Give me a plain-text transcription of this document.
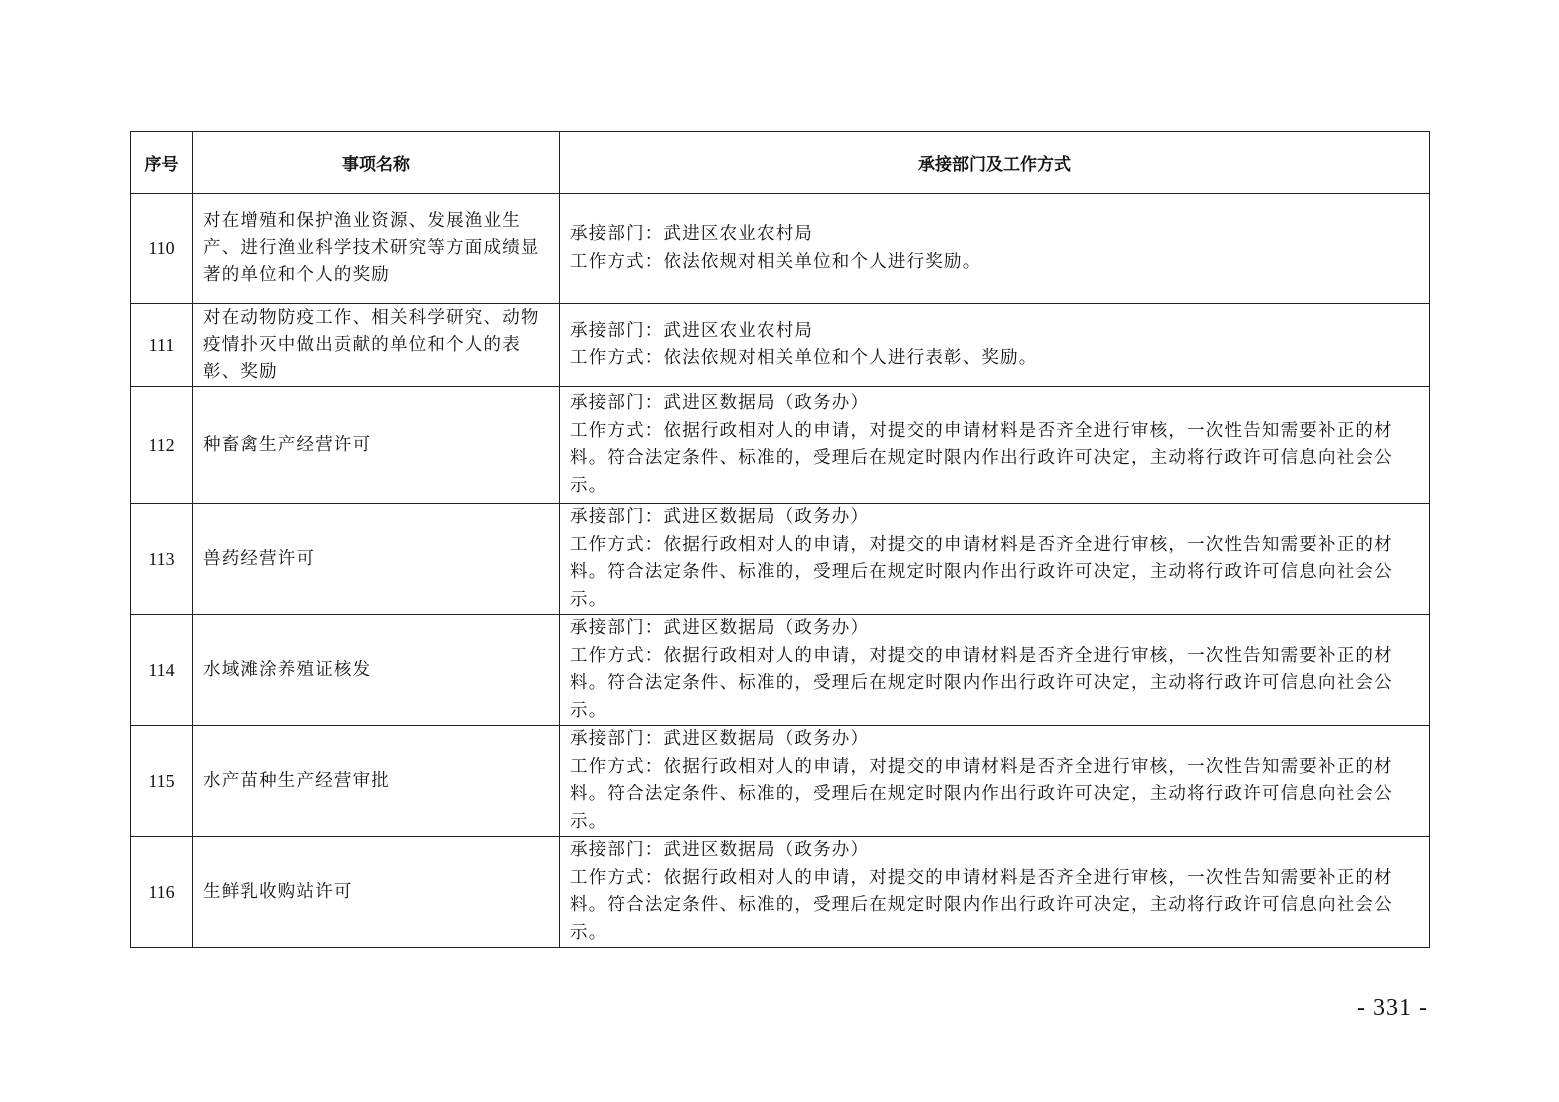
序号	事项名称	承接部门及工作方式
110	对在增殖和保护渔业资源、发展渔业生产、进行渔业科学技术研究等方面成绩显著的单位和个人的奖励	承接部门：武进区农业农村局
工作方式：依法依规对相关单位和个人进行奖励。

111	对在动物防疫工作、相关科学研究、动物疫情扑灭中做出贡献的单位和个人的表彰、奖励	承接部门：武进区农业农村局
工作方式：依法依规对相关单位和个人进行表彰、奖励。

112	种畜禽生产经营许可	承接部门：武进区数据局（政务办）
工作方式：依据行政相对人的申请，对提交的申请材料是否齐全进行审核，一次性告知需要补正的材料。符合法定条件、标准的，受理后在规定时限内作出行政许可决定，主动将行政许可信息向社会公示。

113	兽药经营许可	承接部门：武进区数据局（政务办）
工作方式：依据行政相对人的申请，对提交的申请材料是否齐全进行审核，一次性告知需要补正的材料。符合法定条件、标准的，受理后在规定时限内作出行政许可决定，主动将行政许可信息向社会公示。

114	水域滩涂养殖证核发	承接部门：武进区数据局（政务办）
工作方式：依据行政相对人的申请，对提交的申请材料是否齐全进行审核，一次性告知需要补正的材料。符合法定条件、标准的，受理后在规定时限内作出行政许可决定，主动将行政许可信息向社会公示。

115	水产苗种生产经营审批	承接部门：武进区数据局（政务办）
工作方式：依据行政相对人的申请，对提交的申请材料是否齐全进行审核，一次性告知需要补正的材料。符合法定条件、标准的，受理后在规定时限内作出行政许可决定，主动将行政许可信息向社会公示。

116	生鲜乳收购站许可	承接部门：武进区数据局（政务办）
工作方式：依据行政相对人的申请，对提交的申请材料是否齐全进行审核，一次性告知需要补正的材料。符合法定条件、标准的，受理后在规定时限内作出行政许可决定，主动将行政许可信息向社会公示。
- 331 -
